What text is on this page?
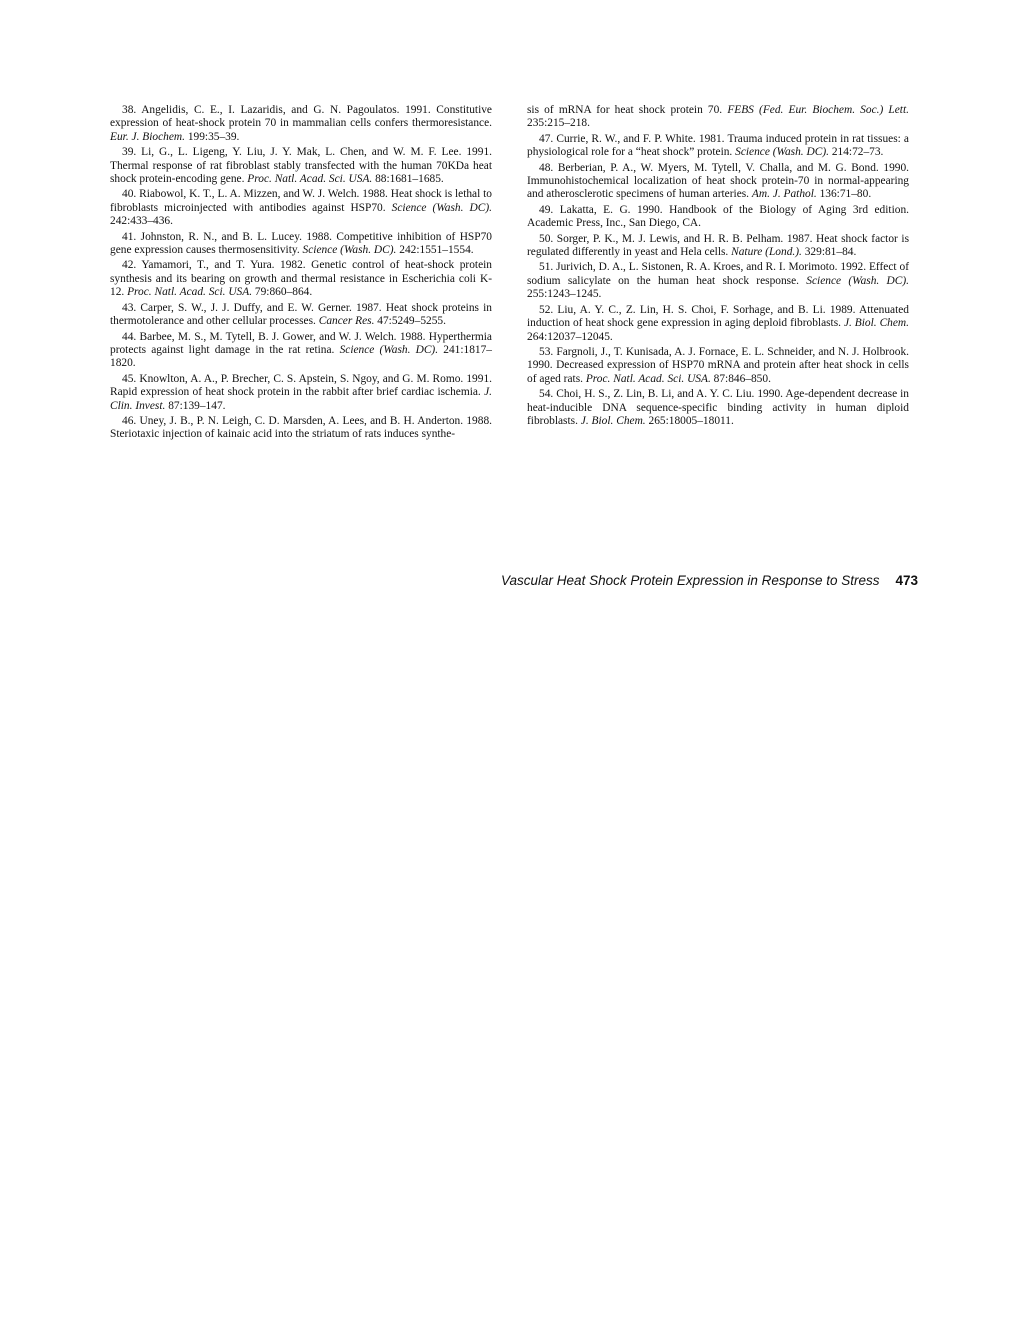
38. Angelidis, C. E., I. Lazaridis, and G. N. Pagoulatos. 1991. Constitutive expression of heat-shock protein 70 in mammalian cells confers thermoresistance. Eur. J. Biochem. 199:35–39.

39. Li, G., L. Ligeng, Y. Liu, J. Y. Mak, L. Chen, and W. M. F. Lee. 1991. Thermal response of rat fibroblast stably transfected with the human 70KDa heat shock protein-encoding gene. Proc. Natl. Acad. Sci. USA. 88:1681–1685.

40. Riabowol, K. T., L. A. Mizzen, and W. J. Welch. 1988. Heat shock is lethal to fibroblasts microinjected with antibodies against HSP70. Science (Wash. DC). 242:433–436.

41. Johnston, R. N., and B. L. Lucey. 1988. Competitive inhibition of HSP70 gene expression causes thermosensitivity. Science (Wash. DC). 242:1551–1554.

42. Yamamori, T., and T. Yura. 1982. Genetic control of heat-shock protein synthesis and its bearing on growth and thermal resistance in Escherichia coli K-12. Proc. Natl. Acad. Sci. USA. 79:860–864.

43. Carper, S. W., J. J. Duffy, and E. W. Gerner. 1987. Heat shock proteins in thermotolerance and other cellular processes. Cancer Res. 47:5249–5255.

44. Barbee, M. S., M. Tytell, B. J. Gower, and W. J. Welch. 1988. Hyperthermia protects against light damage in the rat retina. Science (Wash. DC). 241:1817–1820.

45. Knowlton, A. A., P. Brecher, C. S. Apstein, S. Ngoy, and G. M. Romo. 1991. Rapid expression of heat shock protein in the rabbit after brief cardiac ischemia. J. Clin. Invest. 87:139–147.

46. Uney, J. B., P. N. Leigh, C. D. Marsden, A. Lees, and B. H. Anderton. 1988. Steriotaxic injection of kainaic acid into the striatum of rats induces synthe-

sis of mRNA for heat shock protein 70. FEBS (Fed. Eur. Biochem. Soc.) Lett. 235:215–218.

47. Currie, R. W., and F. P. White. 1981. Trauma induced protein in rat tissues: a physiological role for a “heat shock” protein. Science (Wash. DC). 214:72–73.

48. Berberian, P. A., W. Myers, M. Tytell, V. Challa, and M. G. Bond. 1990. Immunohistochemical localization of heat shock protein-70 in normal-appearing and atherosclerotic specimens of human arteries. Am. J. Pathol. 136:71–80.

49. Lakatta, E. G. 1990. Handbook of the Biology of Aging 3rd edition. Academic Press, Inc., San Diego, CA.

50. Sorger, P. K., M. J. Lewis, and H. R. B. Pelham. 1987. Heat shock factor is regulated differently in yeast and Hela cells. Nature (Lond.). 329:81–84.

51. Jurivich, D. A., L. Sistonen, R. A. Kroes, and R. I. Morimoto. 1992. Effect of sodium salicylate on the human heat shock response. Science (Wash. DC). 255:1243–1245.

52. Liu, A. Y. C., Z. Lin, H. S. Choi, F. Sorhage, and B. Li. 1989. Attenuated induction of heat shock gene expression in aging deploid fibroblasts. J. Biol. Chem. 264:12037–12045.

53. Fargnoli, J., T. Kunisada, A. J. Fornace, E. L. Schneider, and N. J. Holbrook. 1990. Decreased expression of HSP70 mRNA and protein after heat shock in cells of aged rats. Proc. Natl. Acad. Sci. USA. 87:846–850.

54. Choi, H. S., Z. Lin, B. Li, and A. Y. C. Liu. 1990. Age-dependent decrease in heat-inducible DNA sequence-specific binding activity in human diploid fibroblasts. J. Biol. Chem. 265:18005–18011.

Vascular Heat Shock Protein Expression in Response to Stress 473
